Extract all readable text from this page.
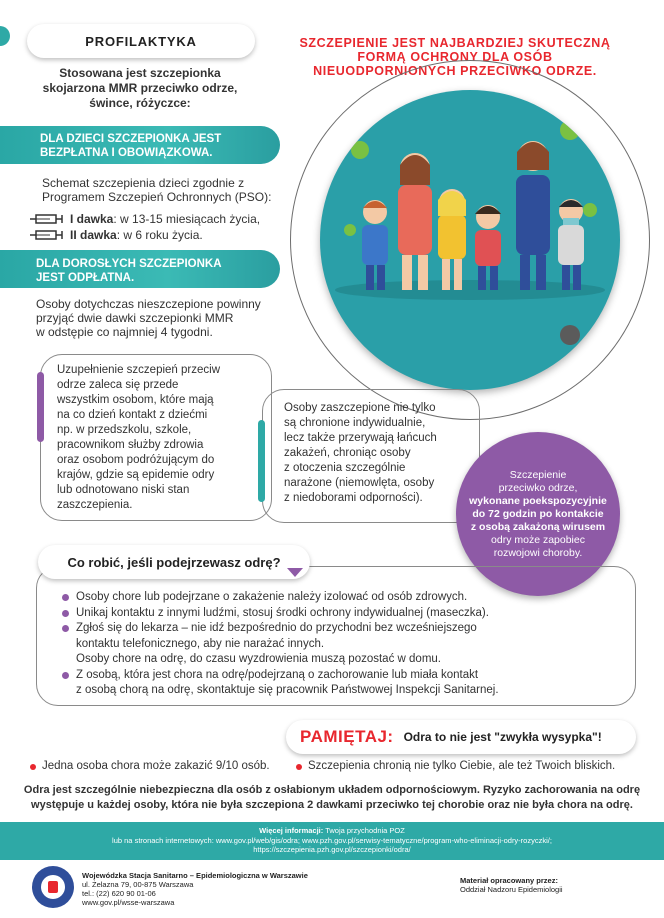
PROFILAKTYKA	SZCZEPIENIE JEST NAJBARDZIEJ SKUTECZNĄ
FORMĄ OCHRONY DLA OSÓB
NIEUODPORNIONYCH PRZECIWKO ODRZE.
Stosowana jest szczepionka
skojarzona MMR przeciwko odrze,
śwince, różyczce:
DLA DZIECI SZCZEPIONKA JEST
BEZPŁATNA I OBOWIĄZKOWA.
Schemat szczepienia dzieci zgodnie z
Programem Szczepień Ochronnych (PSO):
I dawka: w 13-15 miesiącach życia,
II dawka: w 6 roku życia.
DLA DOROSŁYCH SZCZEPIONKA
JEST ODPŁATNA.
Osoby dotychczas nieszczepione powinny
przyjąć dwie dawki szczepionki MMR
w odstępie co najmniej 4 tygodni.
Uzupełnienie szczepień przeciw
odrze zaleca się przede
wszystkim osobom, które mają
na co dzień kontakt z dziećmi
np. w przedszkolu, szkole,
pracownikom służby zdrowia
oraz osobom podróżującym do
krajów, gdzie są epidemie odry
lub odnotowano niski stan
zaszczepienia.
Osoby zaszczepione nie tylko
są chronione indywidualnie,
lecz także przerywają łańcuch
zakażeń, chroniąc osoby
z otoczenia szczególnie
narażone (niemowlęta, osoby
z niedoborami odporności).
Szczepienie
przeciwko odrze,
wykonane poekspozycyjnie
do 72 godzin po kontakcie
z osobą zakażoną wirusem
odry może zapobiec
rozwojowi choroby.
Co robić, jeśli podejrzewasz odrę?
Osoby chore lub podejrzane o zakażenie należy izolować od osób zdrowych.
Unikaj kontaktu z innymi ludźmi, stosuj środki ochrony indywidualnej (maseczka).
Zgłoś się do lekarza – nie idź bezpośrednio do przychodni bez wcześniejszego
kontaktu telefonicznego, aby nie narażać innych.
Osoby chore na odrę, do czasu wyzdrowienia muszą pozostać w domu.
Z osobą, która jest chora na odrę/podejrzaną o zachorowanie lub miała kontakt
z osobą chorą na odrę, skontaktuje się pracownik Państwowej Inspekcji Sanitarnej.
PAMIĘTAJ: Odra to nie jest "zwykła wysypka"!
Jedna osoba chora może zakazić 9/10 osób.	Szczepienia chronią nie tylko Ciebie, ale też Twoich bliskich.
Odra jest szczególnie niebezpieczna dla osób z osłabionym układem odpornościowym. Ryzyko zachorowania na odrę
występuje u każdej osoby, która nie była szczepiona 2 dawkami przeciwko tej chorobie oraz nie była chora na odrę.
Więcej informacji: Twoja przychodnia POZ
lub na stronach internetowych: www.gov.pl/web/gis/odra; www.pzh.gov.pl/serwisy-tematyczne/program-who-eliminacji-odry-rozyczki/;
https://szczepienia.pzh.gov.pl/szczepionki/odra/
Wojewódzka Stacja Sanitarno – Epidemiologiczna w Warszawie
ul. Żelazna 79, 00-875 Warszawa
tel.: (22) 620 90 01-06
www.gov.pl/wsse-warszawa
Materiał opracowany przez:
Oddział Nadzoru Epidemiologii
